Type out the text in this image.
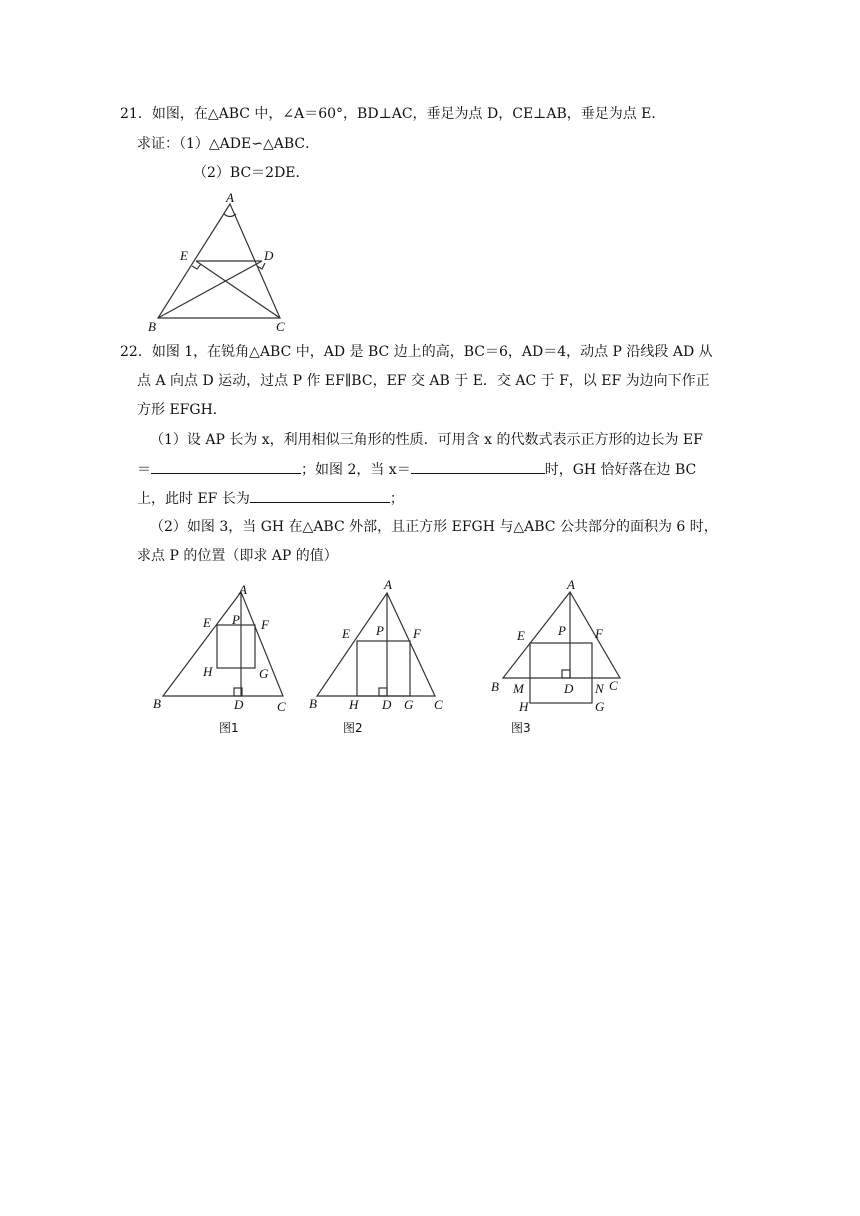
21．如图，在△ABC 中，∠A＝60°，BD⊥AC，垂足为点 D，CE⊥AB，垂足为点 E．
求证：（1）△ADE∽△ABC．
（2）BC＝2DE．
A
E	D
B	C
22．如图 1，在锐角△ABC 中，AD 是 BC 边上的高，BC＝6，AD＝4，动点 P 沿线段 AD 从
点 A 向点 D 运动，过点 P 作 EF∥BC，EF 交 AB 于 E．交 AC 于 F，以 EF 为边向下作正
方形 EFGH．
（1）设 AP 长为 x，利用相似三角形的性质．可用含 x 的代数式表示正方形的边长为 EF
＝	；如图 2，当 x＝	时，GH 恰好落在边 BC
上，此时 EF 长为	；
（2）如图 3，当 GH 在△ABC 外部，且正方形 EFGH 与△ABC 公共部分的面积为 6 时，
求点 P 的位置（即求 AP 的值）
A
E P F
H	G
B	D	C
图1
A
E P F
B H D G C
图2
A
E	P F
B M	D N C
H	G
图3
